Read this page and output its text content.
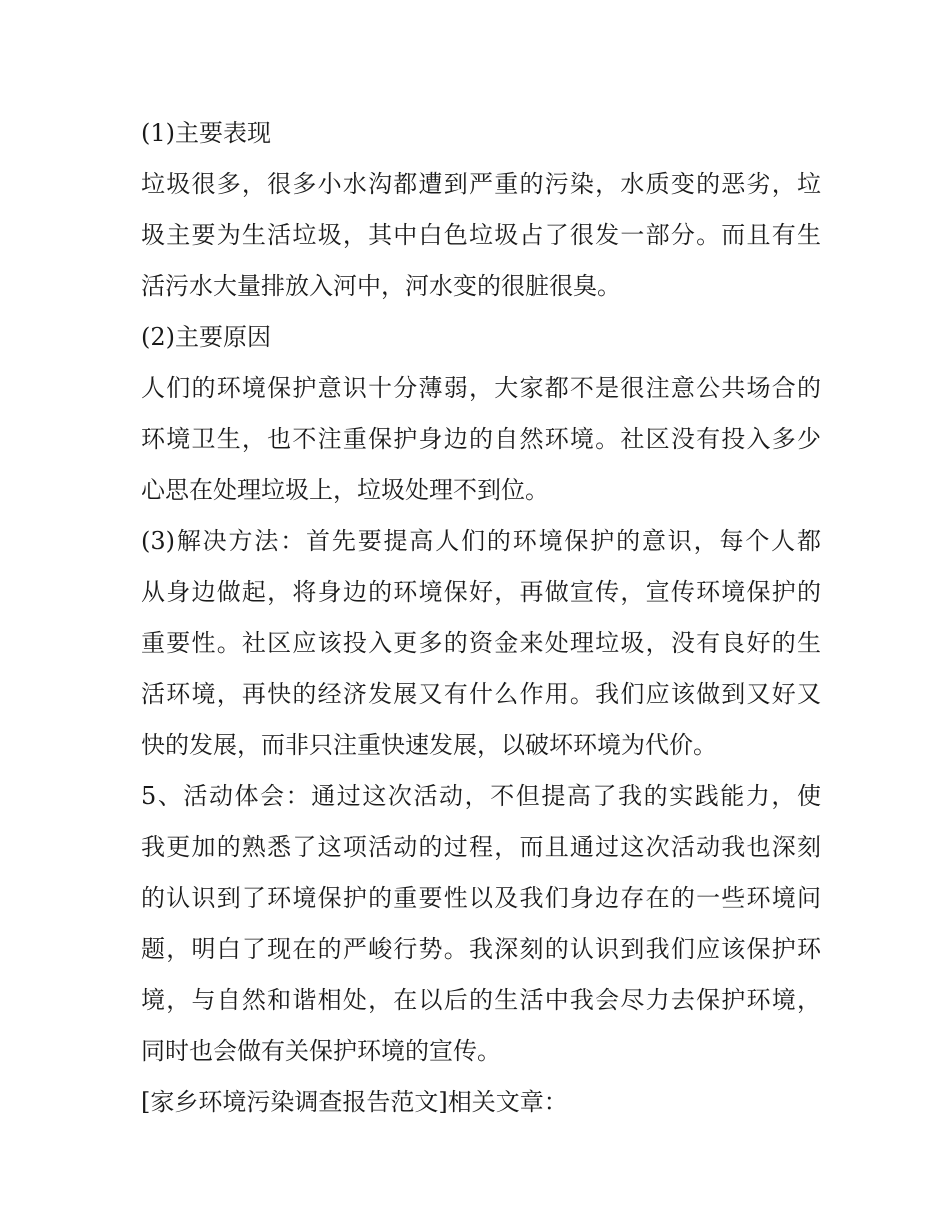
(1)主要表现
垃圾很多，很多小水沟都遭到严重的污染，水质变的恶劣，垃
圾主要为生活垃圾，其中白色垃圾占了很发一部分。而且有生
活污水大量排放入河中，河水变的很脏很臭。
(2)主要原因
人们的环境保护意识十分薄弱，大家都不是很注意公共场合的
环境卫生，也不注重保护身边的自然环境。社区没有投入多少
心思在处理垃圾上，垃圾处理不到位。
(3)解决方法：首先要提高人们的环境保护的意识，每个人都
从身边做起，将身边的环境保好，再做宣传，宣传环境保护的
重要性。社区应该投入更多的资金来处理垃圾，没有良好的生
活环境，再快的经济发展又有什么作用。我们应该做到又好又
快的发展，而非只注重快速发展，以破坏环境为代价。
5、活动体会：通过这次活动，不但提高了我的实践能力，使
我更加的熟悉了这项活动的过程，而且通过这次活动我也深刻
的认识到了环境保护的重要性以及我们身边存在的一些环境问
题，明白了现在的严峻行势。我深刻的认识到我们应该保护环
境，与自然和谐相处，在以后的生活中我会尽力去保护环境，
同时也会做有关保护环境的宣传。
[家乡环境污染调查报告范文]相关文章：
